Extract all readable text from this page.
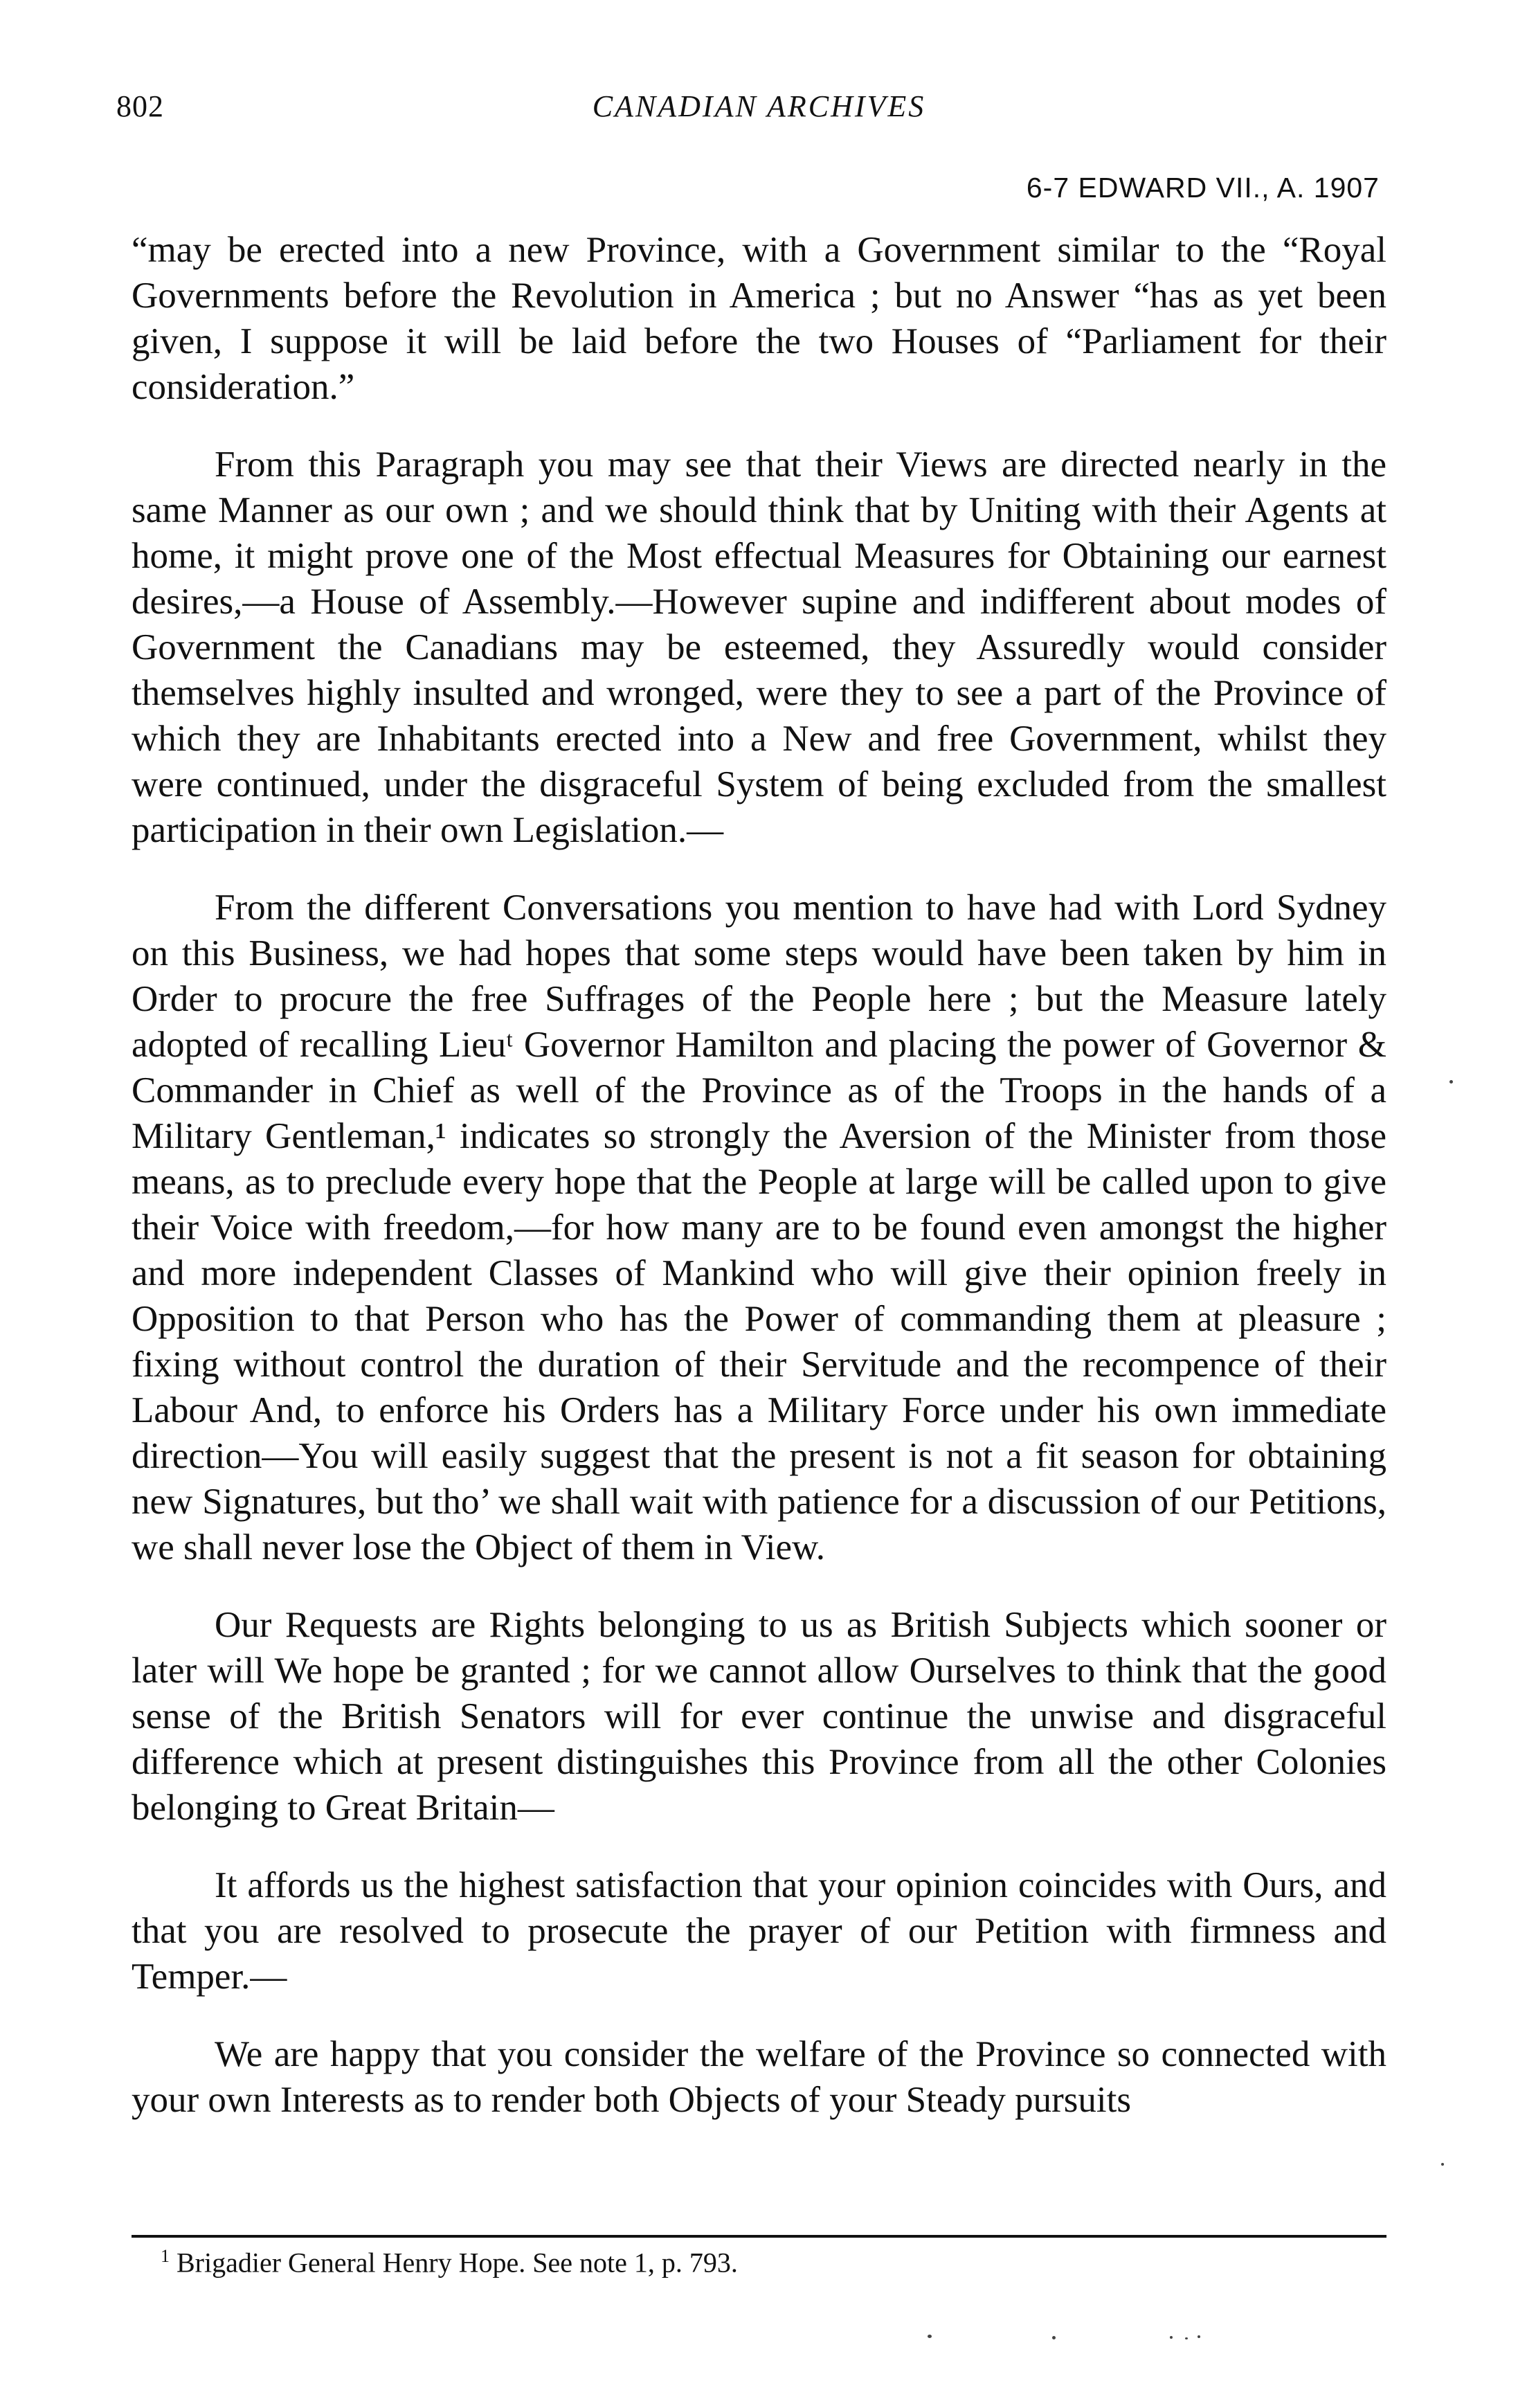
802	CANADIAN ARCHIVES
6-7 EDWARD VII., A. 1907

“may be erected into a new Province, with a Government similar to the “Royal Governments before the Revolution in America ; but no Answer “has as yet been given, I suppose it will be laid before the two Houses of “Parliament for their consideration.”

From this Paragraph you may see that their Views are directed nearly in the same Manner as our own ; and we should think that by Uniting with their Agents at home, it might prove one of the Most effectual Measures for Obtaining our earnest desires,—a House of Assembly.—However supine and indifferent about modes of Government the Canadians may be esteemed, they Assuredly would consider themselves highly insulted and wronged, were they to see a part of the Province of which they are Inhabitants erected into a New and free Government, whilst they were continued, under the disgraceful System of being excluded from the smallest participation in their own Legislation.—

From the different Conversations you mention to have had with Lord Sydney on this Business, we had hopes that some steps would have been taken by him in Order to procure the free Suffrages of the People here ; but the Measure lately adopted of recalling Lieuᵗ Governor Hamilton and placing the power of Governor & Commander in Chief as well of the Province as of the Troops in the hands of a Military Gentleman,¹ indicates so strongly the Aversion of the Minister from those means, as to preclude every hope that the People at large will be called upon to give their Voice with freedom,—for how many are to be found even amongst the higher and more independent Classes of Mankind who will give their opinion freely in Opposition to that Person who has the Power of commanding them at pleasure ; fixing without control the duration of their Servitude and the recompence of their Labour And, to enforce his Orders has a Military Force under his own immediate direction—You will easily suggest that the present is not a fit season for obtaining new Signatures, but tho’ we shall wait with patience for a discussion of our Petitions, we shall never lose the Object of them in View.

Our Requests are Rights belonging to us as British Subjects which sooner or later will We hope be granted ; for we cannot allow Ourselves to think that the good sense of the British Senators will for ever continue the unwise and disgraceful difference which at present distinguishes this Province from all the other Colonies belonging to Great Britain—

It affords us the highest satisfaction that your opinion coincides with Ours, and that you are resolved to prosecute the prayer of our Petition with firmness and Temper.—

We are happy that you consider the welfare of the Province so connected with your own Interests as to render both Objects of your Steady pursuits

$^1$ Brigadier General Henry Hope. See note 1, p. 793.
